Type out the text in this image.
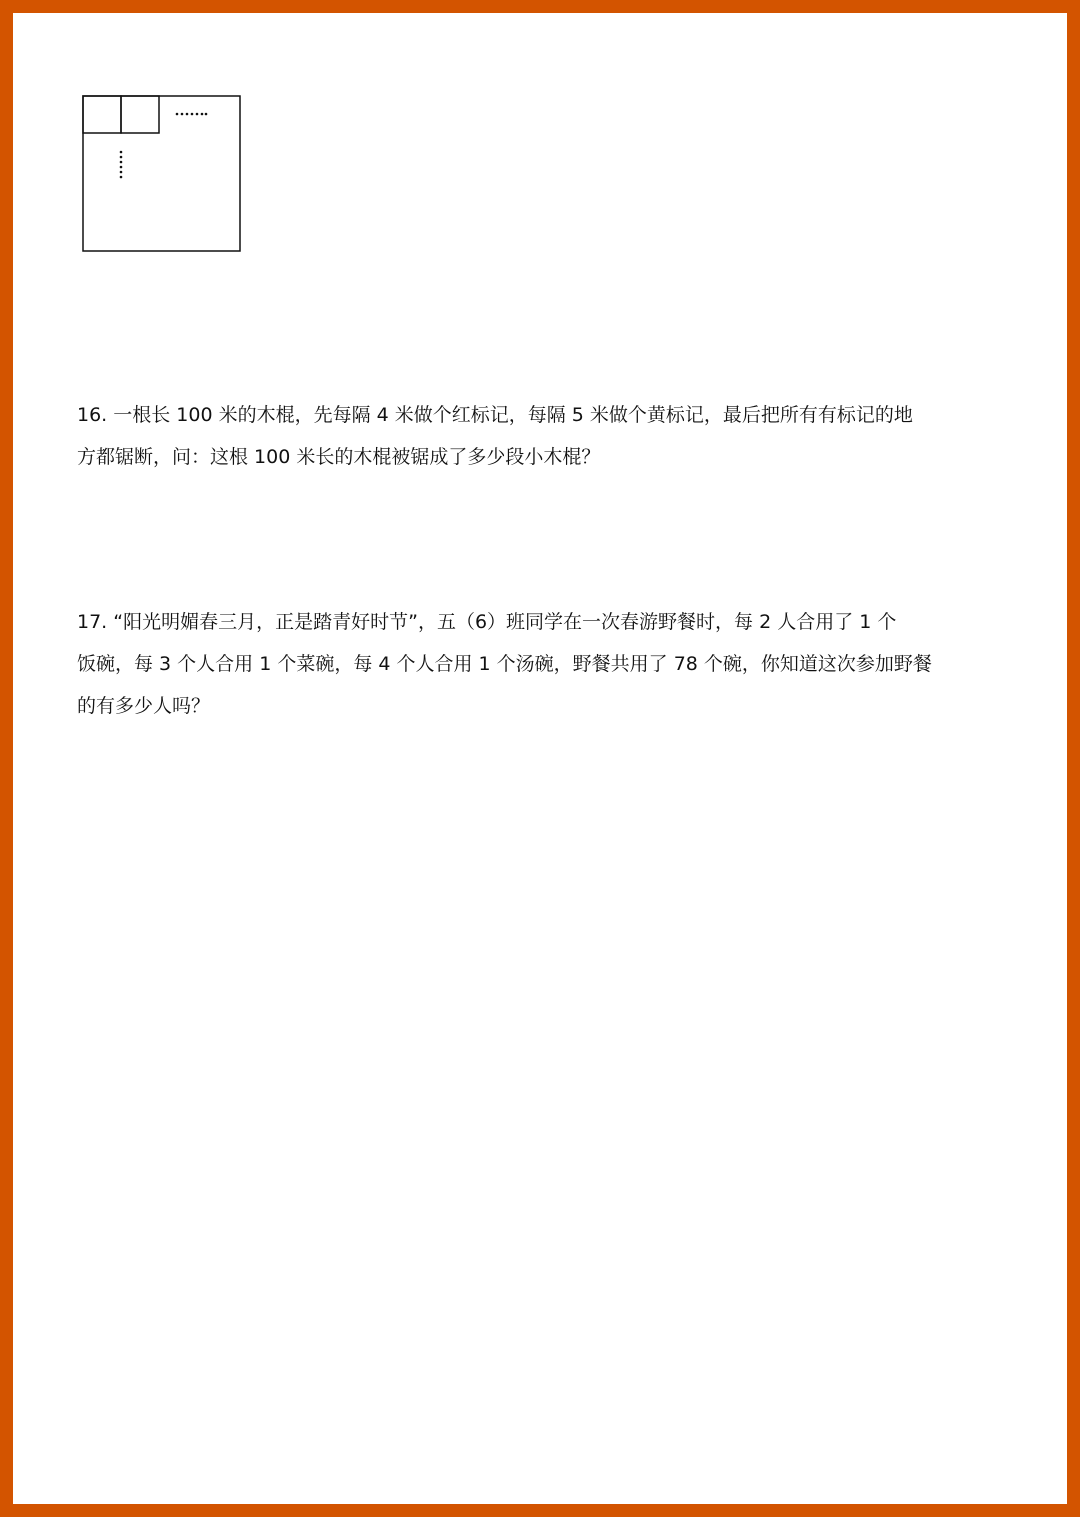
16. 一根长 100 米的木棍，先每隔 4 米做个红标记，每隔 5 米做个黄标记，最后把所有有标记的地
方都锯断，问：这根 100 米长的木棍被锯成了多少段小木棍？
17. “阳光明媚春三月，正是踏青好时节”，五（6）班同学在一次春游野餐时，每 2 人合用了 1 个
饭碗，每 3 个人合用 1 个菜碗，每 4 个人合用 1 个汤碗，野餐共用了 78 个碗，你知道这次参加野餐
的有多少人吗？
